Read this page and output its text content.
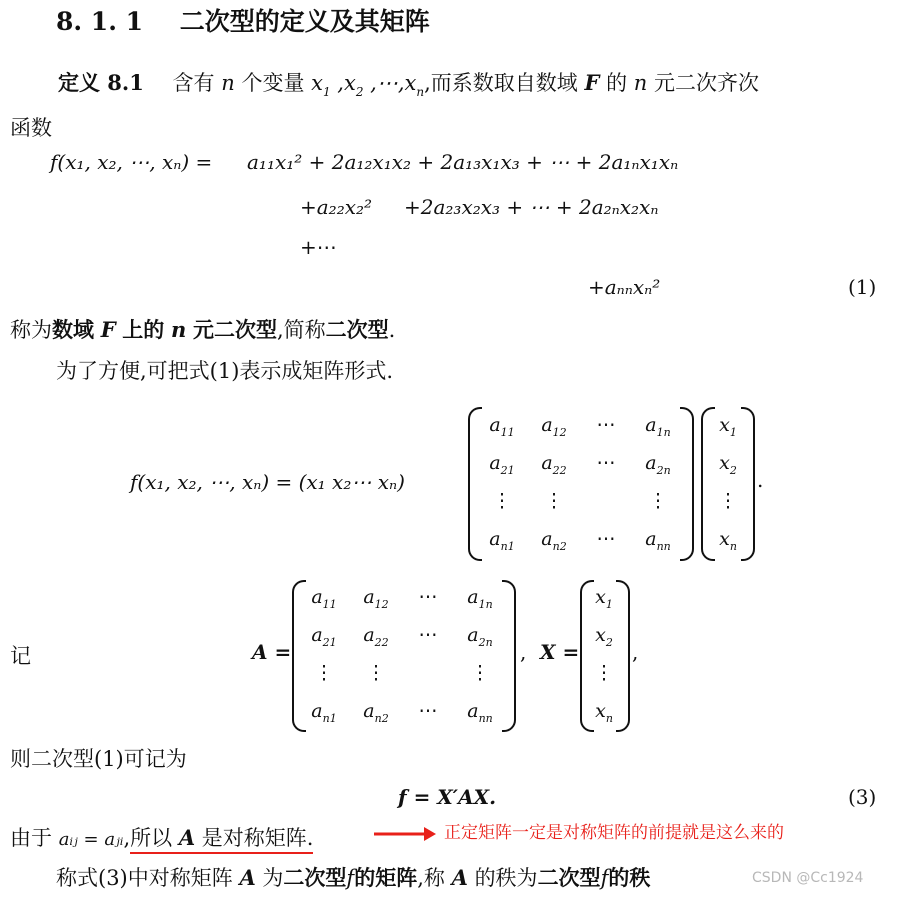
8. 1. 1 二次型的定义及其矩阵
定义 8.1 含有 n 个变量 $x_1$ $,x_2$ $,\cdots,x_n$,而系数取自数域 F 的 n 元二次齐次
函数
f(x₁, x₂, ⋯, xₙ) = a₁₁x₁² + 2a₁₂x₁x₂ + 2a₁₃x₁x₃ + ⋯ + 2a₁ₙx₁xₙ
+a₂₂x₂² +2a₂₃x₂x₃ + ⋯ + 2a₂ₙx₂xₙ
+⋯
+aₙₙxₙ²	(1)
称为数域 F 上的 n 元二次型,简称二次型.
为了方便,可把式(1)表示成矩阵形式.
f(x₁, x₂, ⋯, xₙ) = (x₁ x₂⋯ xₙ)
$a_{11}$ $a_{12}$ ⋯ $a_{1n}$
$a_{21}$ $a_{22}$ ⋯ $a_{2n}$
⋮ ⋮	⋮
$a_{n1}$ $a_{n2}$ ⋯ $a_{nn}$
$x_1$
$x_2$
⋮
$x_n$
.
记	A =
$a_{11}$ $a_{12}$ ⋯ $a_{1n}$
$a_{21}$ $a_{22}$ ⋯ $a_{2n}$
⋮ ⋮	⋮
$a_{n1}$ $a_{n2}$ ⋯ $a_{nn}$
, X =
$x_1$
$x_2$
⋮
$x_n$
,
则二次型(1)可记为
f = X′AX.	(3)
由于 aᵢⱼ = aⱼᵢ,所以 A 是对称矩阵.	正定矩阵一定是对称矩阵的前提就是这么来的
称式(3)中对称矩阵 A 为二次型f的矩阵,称 A 的秩为二次型f的秩	CSDN @Cc1924
